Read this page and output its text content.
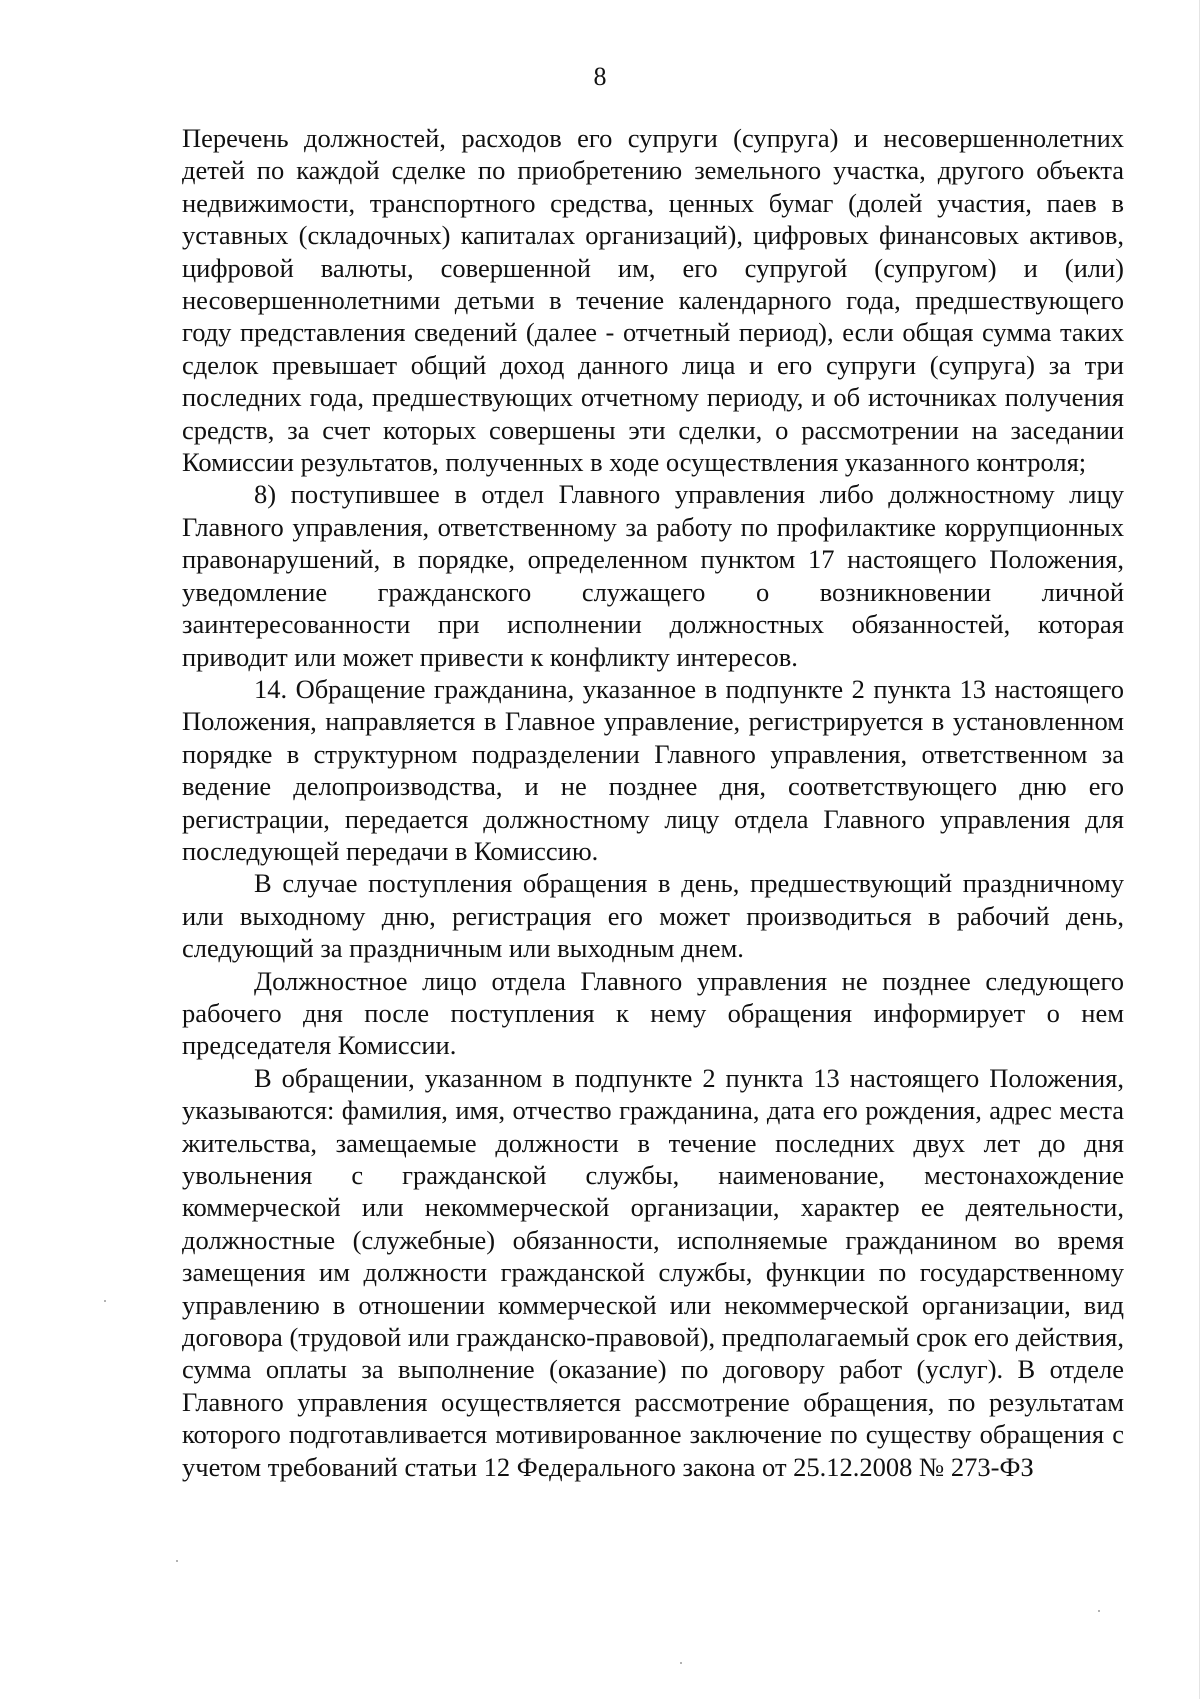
8

Перечень должностей, расходов его супруги (супруга) и несовершеннолетних детей по каждой сделке по приобретению земельного участка, другого объекта недвижимости, транспортного средства, ценных бумаг (долей участия, паев в уставных (складочных) капиталах организаций), цифровых финансовых активов, цифровой валюты, совершенной им, его супругой (супругом) и (или) несовершеннолетними детьми в течение календарного года, предшествующего году представления сведений (далее - отчетный период), если общая сумма таких сделок превышает общий доход данного лица и его супруги (супруга) за три последних года, предшествующих отчетному периоду, и об источниках получения средств, за счет которых совершены эти сделки, о рассмотрении на заседании Комиссии результатов, полученных в ходе осуществления указанного контроля;

8) поступившее в отдел Главного управления либо должностному лицу Главного управления, ответственному за работу по профилактике коррупционных правонарушений, в порядке, определенном пунктом 17 настоящего Положения, уведомление гражданского служащего о возникновении личной заинтересованности при исполнении должностных обязанностей, которая приводит или может привести к конфликту интересов.

14. Обращение гражданина, указанное в подпункте 2 пункта 13 настоящего Положения, направляется в Главное управление, регистрируется в установленном порядке в структурном подразделении Главного управления, ответственном за ведение делопроизводства, и не позднее дня, соответствующего дню его регистрации, передается должностному лицу отдела Главного управления для последующей передачи в Комиссию.

В случае поступления обращения в день, предшествующий праздничному или выходному дню, регистрация его может производиться в рабочий день, следующий за праздничным или выходным днем.

Должностное лицо отдела Главного управления не позднее следующего рабочего дня после поступления к нему обращения информирует о нем председателя Комиссии.

В обращении, указанном в подпункте 2 пункта 13 настоящего Положения, указываются: фамилия, имя, отчество гражданина, дата его рождения, адрес места жительства, замещаемые должности в течение последних двух лет до дня увольнения с гражданской службы, наименование, местонахождение коммерческой или некоммерческой организации, характер ее деятельности, должностные (служебные) обязанности, исполняемые гражданином во время замещения им должности гражданской службы, функции по государственному управлению в отношении коммерческой или некоммерческой организации, вид договора (трудовой или гражданско-правовой), предполагаемый срок его действия, сумма оплаты за выполнение (оказание) по договору работ (услуг). В отделе Главного управления осуществляется рассмотрение обращения, по результатам которого подготавливается мотивированное заключение по существу обращения с учетом требований статьи 12 Федерального закона от 25.12.2008 № 273-ФЗ
